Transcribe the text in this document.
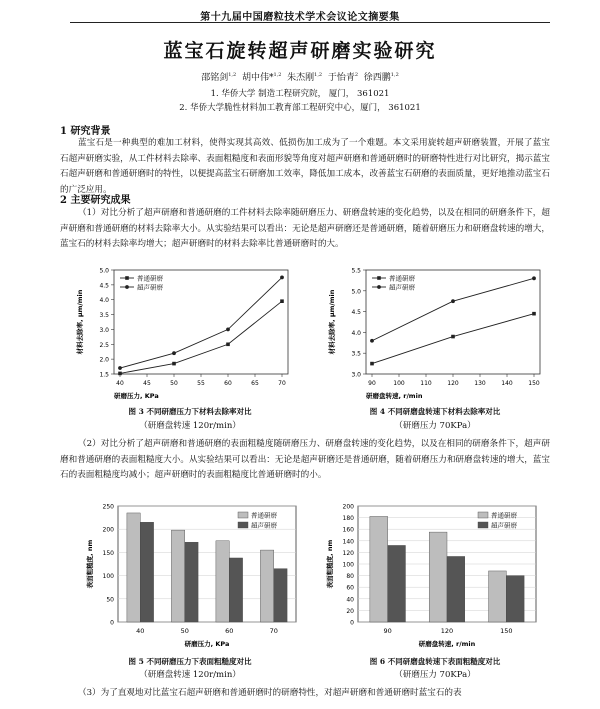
第十九届中国磨粒技术学术会议论文摘要集
蓝宝石旋转超声研磨实验研究
邵铭剑$^{1,2}$ 胡中伟*$^{1,2}$ 朱杰刚$^{1,2}$ 于怡青$^2$ 徐西鹏$^{1,2}$
1. 华侨大学 制造工程研究院， 厦门， 361021
2. 华侨大学脆性材料加工教育部工程研究中心，厦门， 361021
1 研究背景

蓝宝石是一种典型的难加工材料，使得实现其高效、低损伤加工成为了一个难题。本文采用旋转超声研磨装置，开展了蓝宝石超声研磨实验，从工件材料去除率、表面粗糙度和表面形貌等角度对超声研磨和普通研磨时的研磨特性进行对比研究，揭示蓝宝石超声研磨和普通研磨时的特性，以便提高蓝宝石研磨加工效率，降低加工成本，改善蓝宝石研磨的表面质量，更好地推动蓝宝石的广泛应用。

2 主要研究成果

（1）对比分析了超声研磨和普通研磨的工件材料去除率随研磨压力、研磨盘转速的变化趋势，以及在相同的研磨条件下，超声研磨和普通研磨的材料去除率大小。从实验结果可以看出：无论是超声研磨还是普通研磨，随着研磨压力和研磨盘转速的增大，蓝宝石的材料去除率均增大；超声研磨时的材料去除率比普通研磨时的大。

1.5
2.0
2.5
3.0
3.5
4.0
4.5
5.0
40	45	50	55	60	65	70
研磨压力, KPa
材料去除率, μm/min
普通研磨
超声研磨
图 3 不同研磨压力下材料去除率对比
（研磨盘转速 120r/min）
3.0
3.5
4.0
4.5
5.0
5.5
90	100	110	120	130	140	150
研磨盘转速, r/min
材料去除率, μm/min
普通研磨
超声研磨
图 4 不同研磨盘转速下材料去除率对比
（研磨压力 70KPa）

（2）对比分析了超声研磨和普通研磨的表面粗糙度随研磨压力、研磨盘转速的变化趋势，以及在相同的研磨条件下，超声研磨和普通研磨的表面粗糙度大小。从实验结果可以看出：无论是超声研磨还是普通研磨，随着研磨压力和研磨盘转速的增大，蓝宝石的表面粗糙度均减小；超声研磨时的表面粗糙度比普通研磨时的小。

0
50
100
150
200
250
40	50	60	70
研磨压力, KPa
表面粗糙度, nm
普通研磨
超声研磨
图 5 不同研磨压力下表面粗糙度对比
（研磨盘转速 120r/min）
0
20
40
60
80
100
120
140
160
180
200
90	120	150
研磨盘转速, r/min
表面粗糙度, nm
普通研磨
超声研磨
图 6 不同研磨盘转速下表面粗糙度对比
（研磨压力 70KPa）

（3）为了直观地对比蓝宝石超声研磨和普通研磨时的研磨特性，对超声研磨和普通研磨时蓝宝石的表
